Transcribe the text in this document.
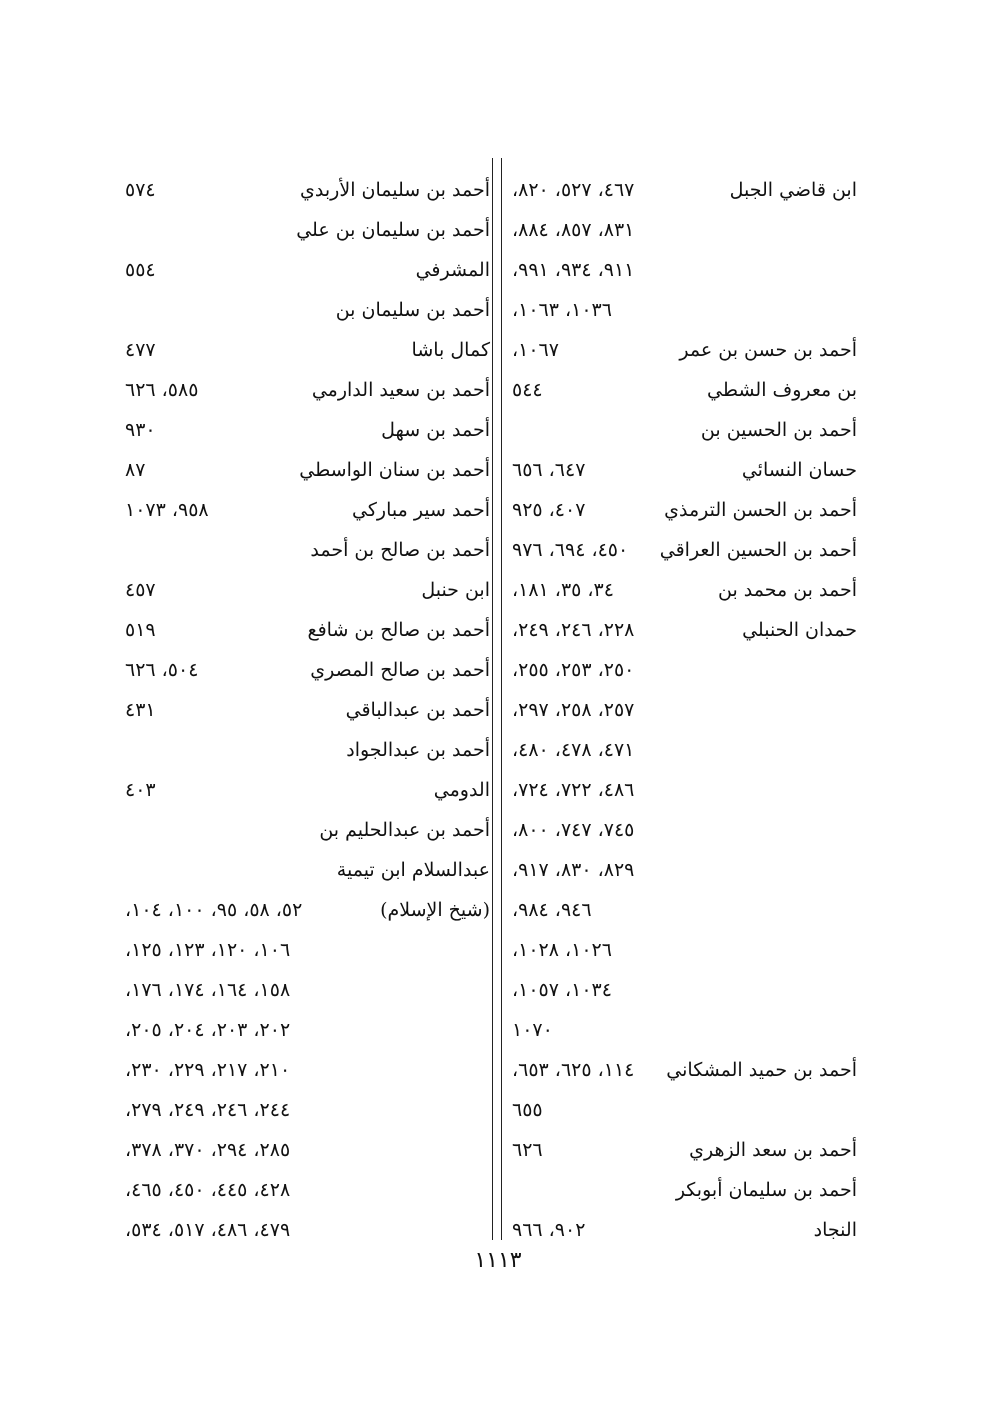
ابن قاضي الجبل
٤٦٧، ٥٢٧، ٨٢٠،
٨٣١، ٨٥٧، ٨٨٤،
٩١١، ٩٣٤، ٩٩١،
١٠٣٦، ١٠٦٣،
أحمد بن حسن بن عمر
١٠٦٧،
بن معروف الشطي
٥٤٤
أحمد بن الحسين بن
حسان النسائي
٦٤٧، ٦٥٦
أحمد بن الحسن الترمذي
٤٠٧، ٩٢٥
أحمد بن الحسين العراقي
٤٥٠، ٦٩٤، ٩٧٦
أحمد بن محمد بن
٣٤، ٣٥، ١٨١،
حمدان الحنبلي
٢٢٨، ٢٤٦، ٢٤٩،
٢٥٠، ٢٥٣، ٢٥٥،
٢٥٧، ٢٥٨، ٢٩٧،
٤٧١، ٤٧٨، ٤٨٠،
٤٨٦، ٧٢٢، ٧٢٤،
٧٤٥، ٧٤٧، ٨٠٠،
٨٢٩، ٨٣٠، ٩١٧،
٩٤٦، ٩٨٤،
١٠٢٦، ١٠٢٨،
١٠٣٤، ١٠٥٧،
١٠٧٠
أحمد بن حميد المشكاني
١١٤، ٦٢٥، ٦٥٣،
٦٥٥
أحمد بن سعد الزهري
٦٢٦
أحمد بن سليمان أبوبكر
النجاد
٩٠٢، ٩٦٦
أحمد بن سليمان الأربدي
٥٧٤
أحمد بن سليمان بن علي
المشرفي
٥٥٤
أحمد بن سليمان بن
كمال باشا
٤٧٧
أحمد بن سعيد الدارمي
٥٨٥، ٦٢٦
أحمد بن سهل
٩٣٠
أحمد بن سنان الواسطي
٨٧
أحمد سير مباركي
٩٥٨، ١٠٧٣
أحمد بن صالح بن أحمد
ابن حنبل
٤٥٧
أحمد بن صالح بن شافع
٥١٩
أحمد بن صالح المصري
٥٠٤، ٦٢٦
أحمد بن عبدالباقي
٤٣١
أحمد بن عبدالجواد
الدومي
٤٠٣
أحمد بن عبدالحليم بن
عبدالسلام ابن تيمية
(شيخ الإسلام)
٥٢، ٥٨، ٩٥، ١٠٠، ١٠٤،
١٠٦، ١٢٠، ١٢٣، ١٢٥،
١٥٨، ١٦٤، ١٧٤، ١٧٦،
٢٠٢، ٢٠٣، ٢٠٤، ٢٠٥،
٢١٠، ٢١٧، ٢٢٩، ٢٣٠،
٢٤٤، ٢٤٦، ٢٤٩، ٢٧٩،
٢٨٥، ٢٩٤، ٣٧٠، ٣٧٨،
٤٢٨، ٤٤٥، ٤٥٠، ٤٦٥،
٤٧٩، ٤٨٦، ٥١٧، ٥٣٤،
١١١٣
